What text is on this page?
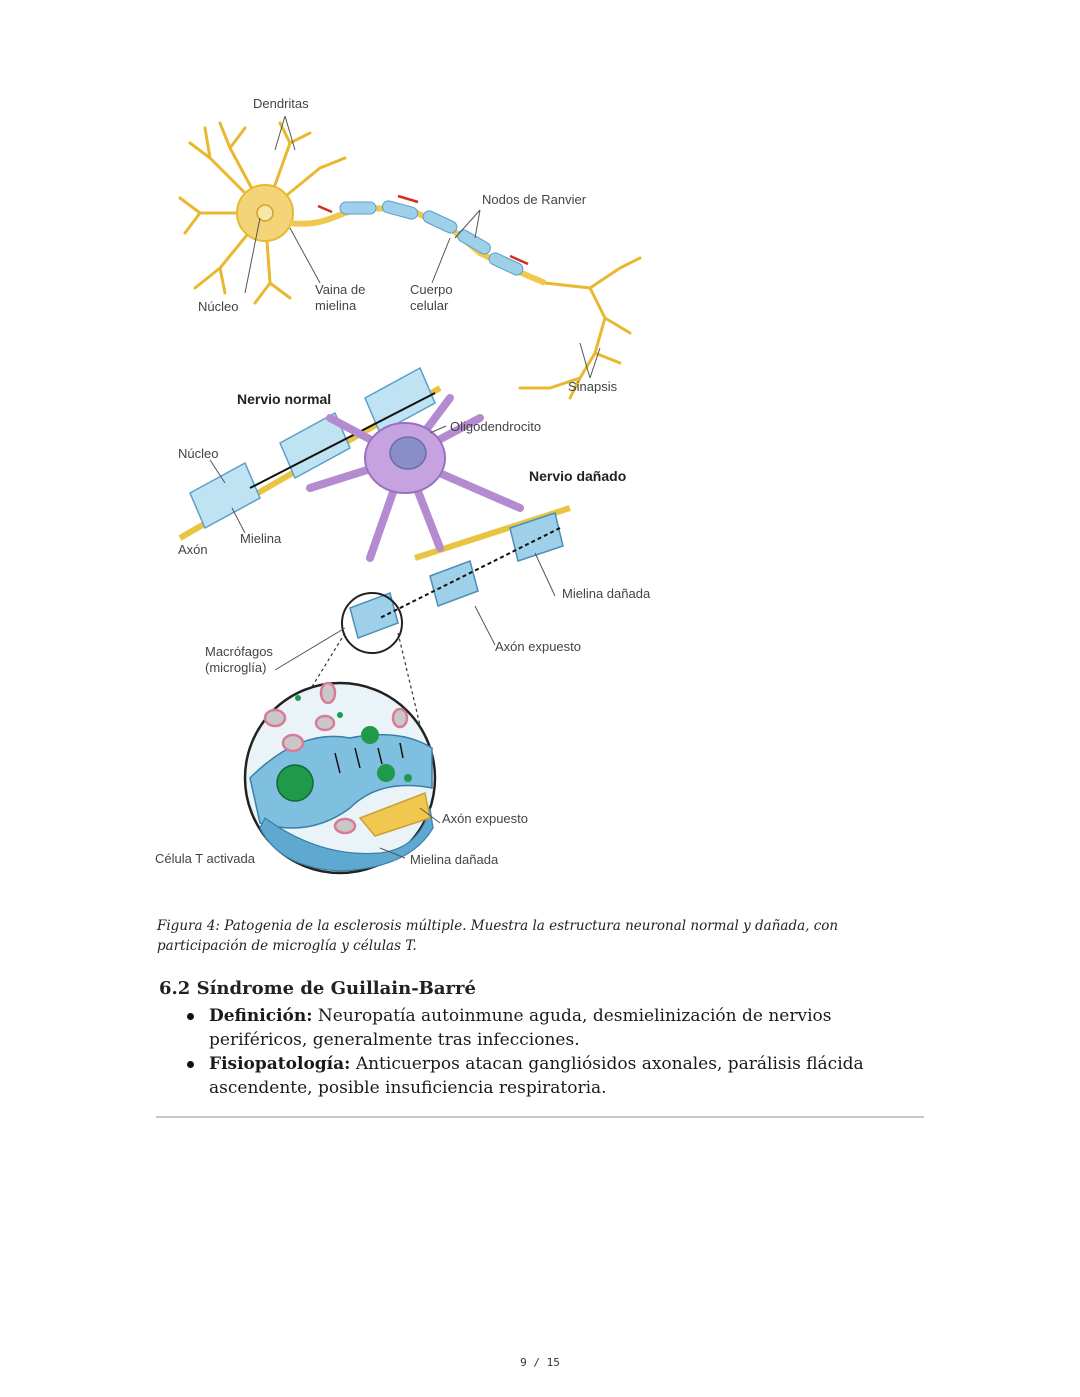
Dendritas
Nodos de Ranvier
Núcleo
Vaina de
mielina
Cuerpo
celular
Sinapsis
Nervio normal
Oligodendrocito
Núcleo
Nervio dañado
Mielina
Axón
Mielina dañada
Axón expuesto
Macrófagos
(microglía)
Axón expuesto
Célula T activada	Mielina dañada
Figura 4: Patogenia de la esclerosis múltiple. Muestra la estructura neuronal normal y dañada, con participación de microglía y células T.
6.2 Síndrome de Guillain-Barré
Definición: Neuropatía autoinmune aguda, desmielinización de nervios periféricos, generalmente tras infecciones.
Fisiopatología: Anticuerpos atacan gangliósidos axonales, parálisis flácida ascendente, posible insuficiencia respiratoria.
9 / 15
